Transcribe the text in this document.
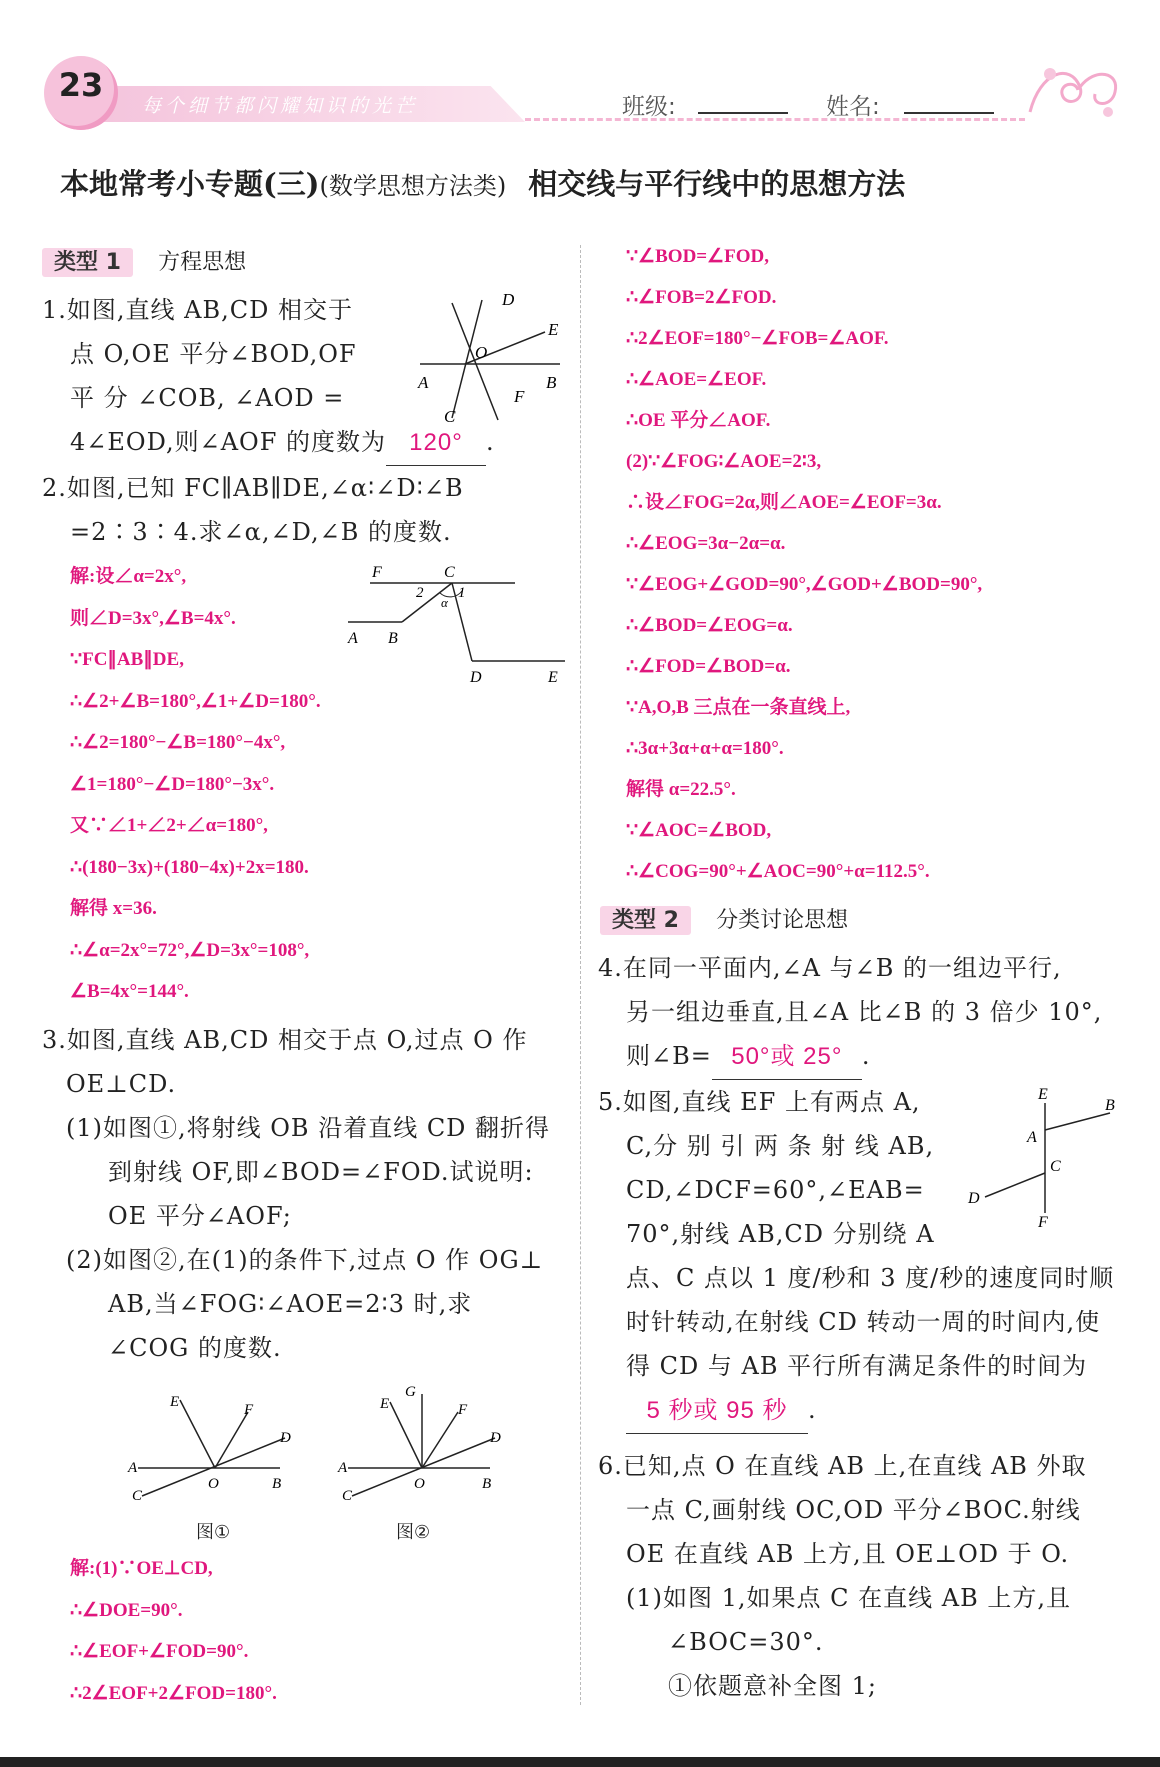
23
每个细节都闪耀知识的光芒	班级:	姓名:
本地常考小专题(三)(数学思想方法类) 相交线与平行线中的思想方法
类型 1 方程思想
1.如图,直线 AB,CD 相交于
点 O,OE 平分∠BOD,OF
平 分 ∠COB, ∠AOD =
4∠EOD,则∠AOF 的度数为 120° .
D
E
O
A	B
C
F
2.如图,已知 FC∥AB∥DE,∠α∶∠D∶∠B
=2∶3∶4.求∠α,∠D,∠B 的度数.
F	C
2 1
α
A B
D	E
解:设∠α=2x°,
则∠D=3x°,∠B=4x°.
∵FC∥AB∥DE,
∴∠2+∠B=180°,∠1+∠D=180°.
∴∠2=180°−∠B=180°−4x°,
∠1=180°−∠D=180°−3x°.
又∵∠1+∠2+∠α=180°,
∴(180−3x)+(180−4x)+2x=180.
解得 x=36.
∴∠α=2x°=72°,∠D=3x°=108°,
∠B=4x°=144°.
3.如图,直线 AB,CD 相交于点 O,过点 O 作
OE⊥CD.
(1)如图①,将射线 OB 沿着直线 CD 翻折得
到射线 OF,即∠BOD=∠FOD.试说明:
OE 平分∠AOF;
(2)如图②,在(1)的条件下,过点 O 作 OG⊥
AB,当∠FOG∶∠AOE=2∶3 时,求
∠COG 的度数.
E	F
D
A
O	B
C
图①
G
E	F
D
A
O	B
C
图②
解:(1)∵OE⊥CD,
∴∠DOE=90°.
∴∠EOF+∠FOD=90°.
∴2∠EOF+2∠FOD=180°.
∵∠BOD=∠FOD,
∴∠FOB=2∠FOD.
∴2∠EOF=180°−∠FOB=∠AOF.
∴∠AOE=∠EOF.
∴OE 平分∠AOF.
(2)∵∠FOG∶∠AOE=2∶3,
∴设∠FOG=2α,则∠AOE=∠EOF=3α.
∴∠EOG=3α−2α=α.
∵∠EOG+∠GOD=90°,∠GOD+∠BOD=90°,
∴∠BOD=∠EOG=α.
∴∠FOD=∠BOD=α.
∵A,O,B 三点在一条直线上,
∴3α+3α+α+α=180°.
解得 α=22.5°.
∵∠AOC=∠BOD,
∴∠COG=90°+∠AOC=90°+α=112.5°.
类型 2 分类讨论思想
4.在同一平面内,∠A 与∠B 的一组边平行,
另一组边垂直,且∠A 比∠B 的 3 倍少 10°,
则∠B= 50°或 25° .
5.如图,直线 EF 上有两点 A,
C,分 别 引 两 条 射 线 AB,
CD,∠DCF=60°,∠EAB=
70°,射线 AB,CD 分别绕 A
点、C 点以 1 度/秒和 3 度/秒的速度同时顺
时针转动,在射线 CD 转动一周的时间内,使
得 CD 与 AB 平行所有满足条件的时间为
5 秒或 95 秒 .
E
B
A
C
D
F
6.已知,点 O 在直线 AB 上,在直线 AB 外取
一点 C,画射线 OC,OD 平分∠BOC.射线
OE 在直线 AB 上方,且 OE⊥OD 于 O.
(1)如图 1,如果点 C 在直线 AB 上方,且
∠BOC=30°.
①依题意补全图 1;
